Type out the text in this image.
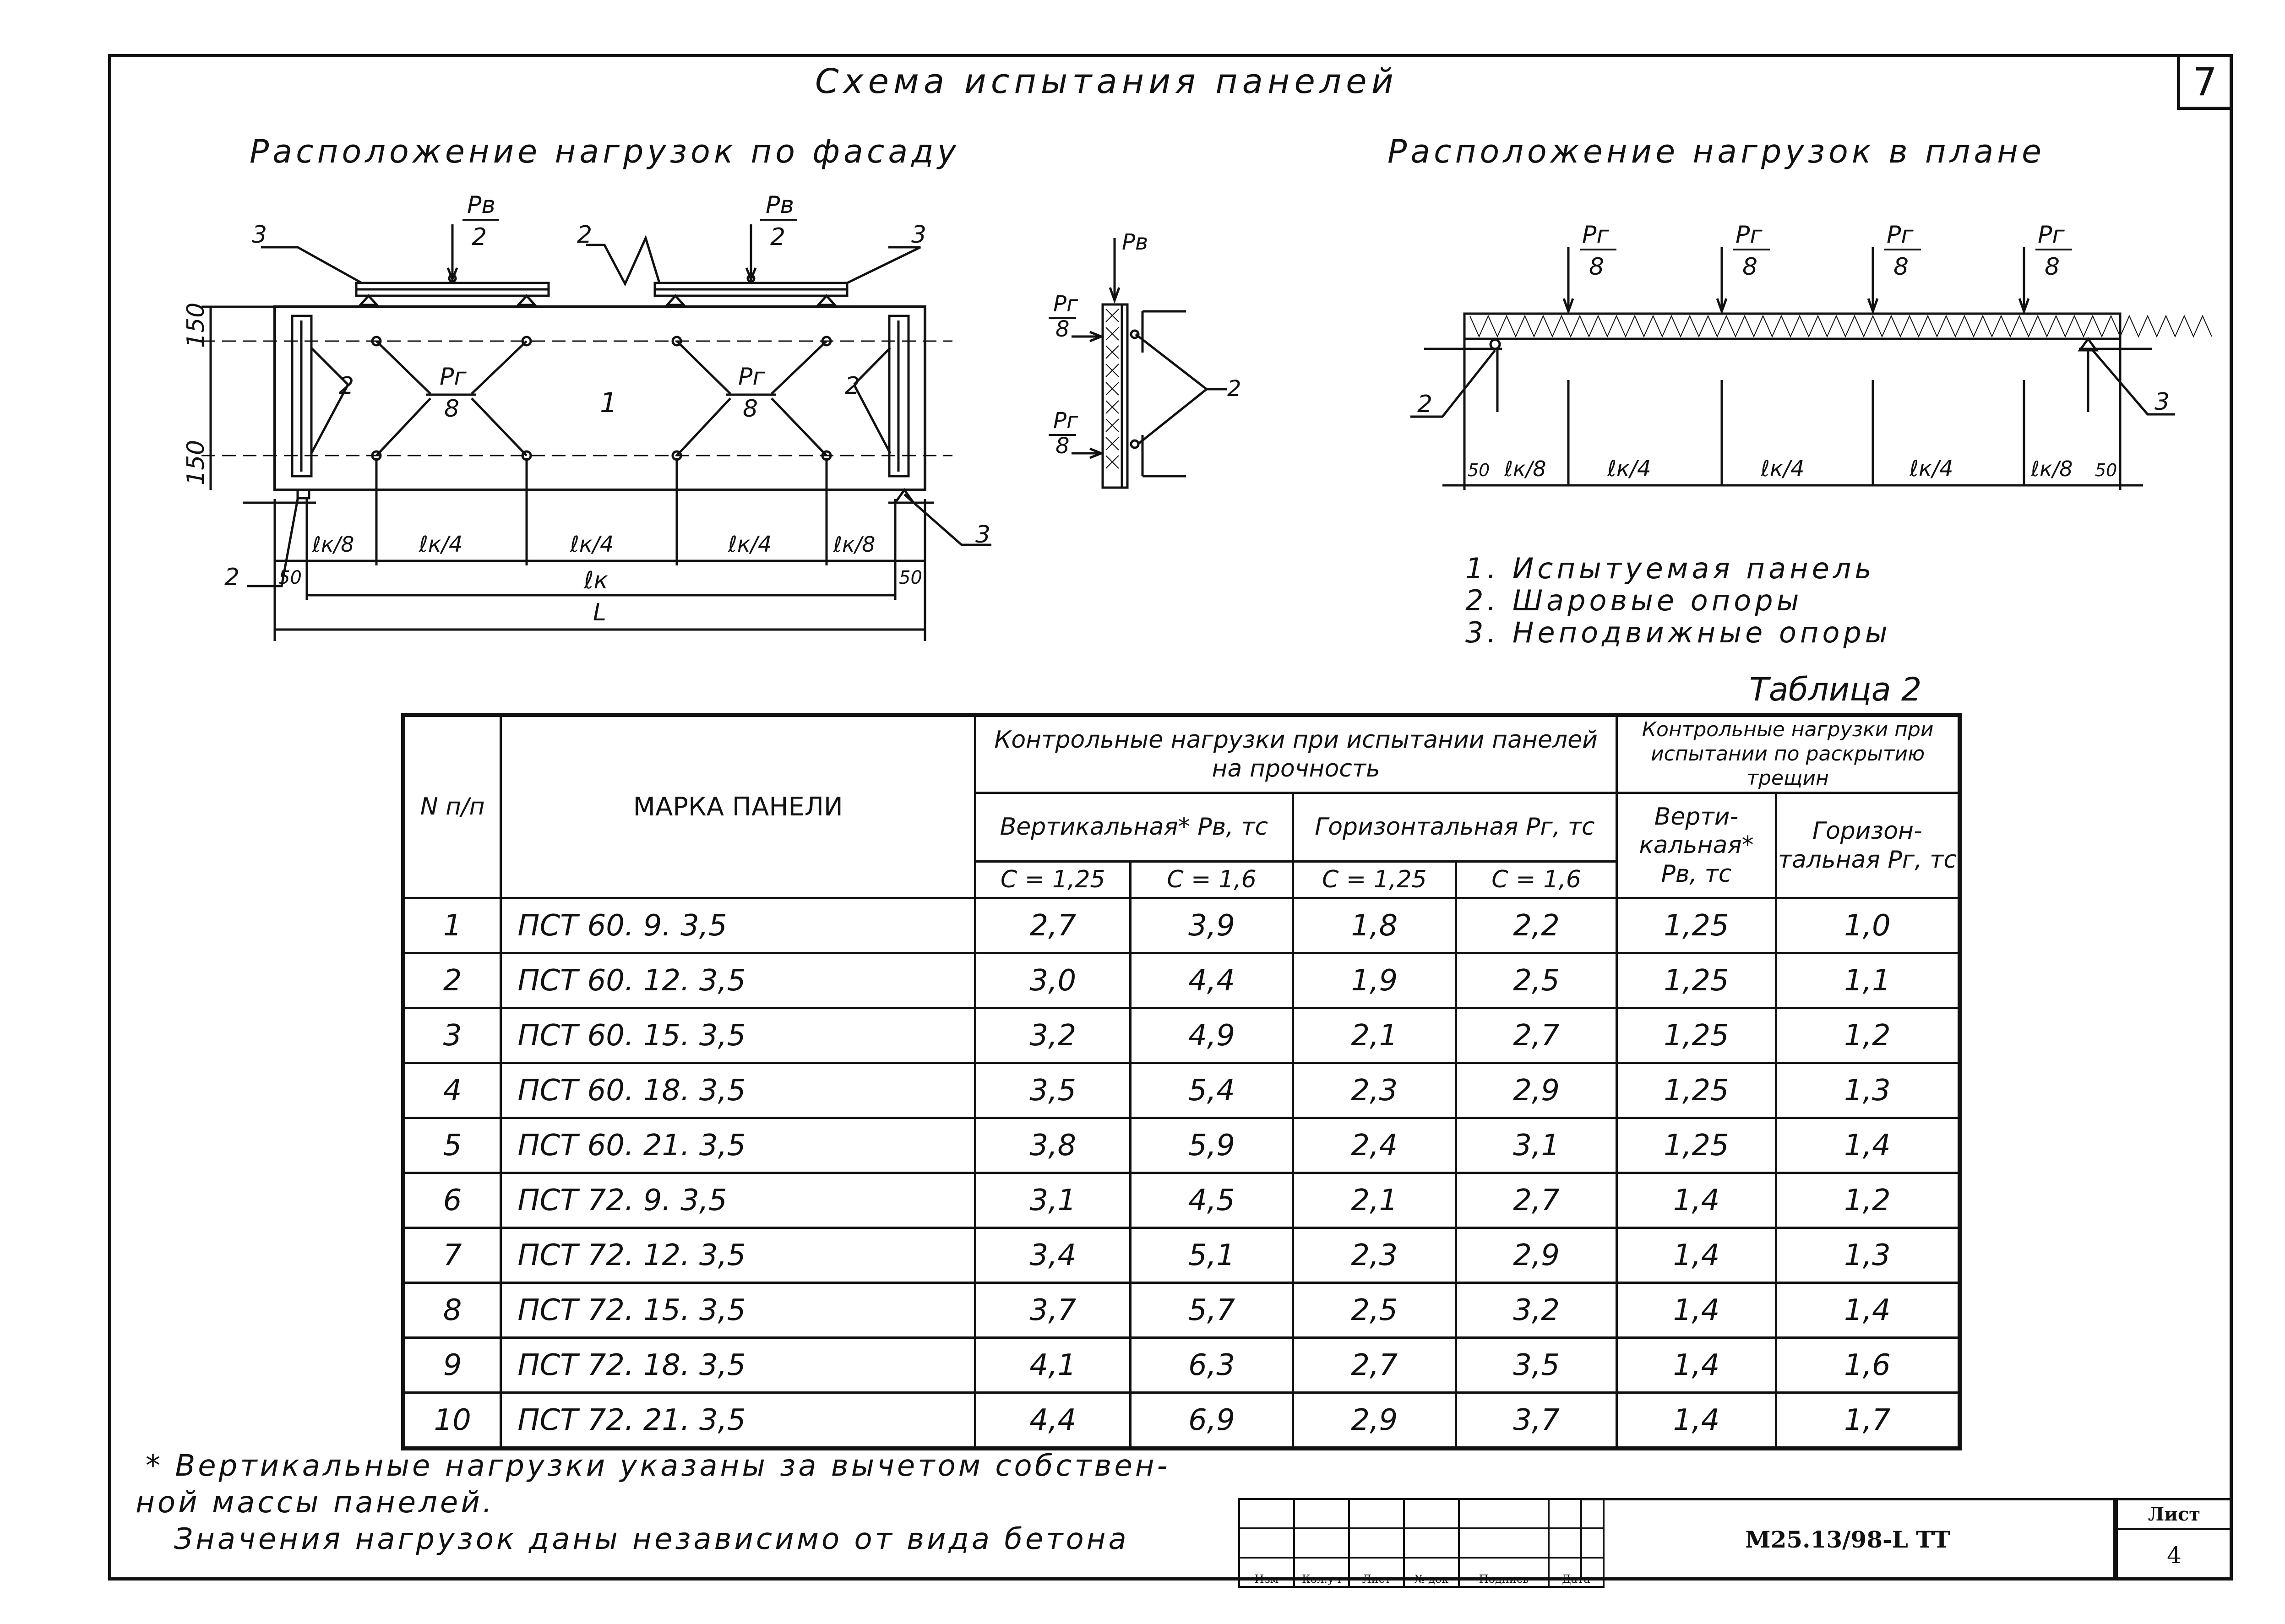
7
Схема испытания панелей
Расположение нагрузок по фасаду	Расположение нагрузок в плане
Pв
2
Pв
2
Pг
8
Pг
8
1
3	2	3
2	2
2
3
150
150
ℓк/8	ℓк/4	ℓк/4	ℓк/4	ℓк/8
50	50
ℓк
L
Pв
Pг
8
Pг
8
2
Pг
8
Pг
8
Pг
8
Pг
8
2	3
50 ℓк/8	ℓк/4	ℓк/4	ℓк/4	ℓк/8 50
1. Испытуемая панель
2. Шаровые опоры
3. Неподвижные опоры
Таблица 2
N п/п	МАРКА ПАНЕЛИ	Контрольные нагрузки при испытании панелей на прочность				Контрольные нагрузки при испытании по раскрытию трещин	
		Вертикальная* Pв, тс		Горизонтальная Pг, тс		Верти-кальная* Pв, тс	Горизон-тальная Pг, тс
		С = 1,25	С = 1,6	С = 1,25	С = 1,6		
1	ПСТ 60. 9. 3,5	2,7	3,9	1,8	2,2	1,25	1,0
2	ПСТ 60. 12. 3,5	3,0	4,4	1,9	2,5	1,25	1,1
3	ПСТ 60. 15. 3,5	3,2	4,9	2,1	2,7	1,25	1,2
4	ПСТ 60. 18. 3,5	3,5	5,4	2,3	2,9	1,25	1,3
5	ПСТ 60. 21. 3,5	3,8	5,9	2,4	3,1	1,25	1,4
6	ПСТ 72. 9. 3,5	3,1	4,5	2,1	2,7	1,4	1,2
7	ПСТ 72. 12. 3,5	3,4	5,1	2,3	2,9	1,4	1,3
8	ПСТ 72. 15. 3,5	3,7	5,7	2,5	3,2	1,4	1,4
9	ПСТ 72. 18. 3,5	4,1	6,3	2,7	3,5	1,4	1,6
10	ПСТ 72. 21. 3,5	4,4	6,9	2,9	3,7	1,4	1,7
* Вертикальные нагрузки указаны за вычетом собствен-
ной массы панелей.
Значения нагрузок даны независимо от вида бетона

Изм	Кол.уч	Лист	№ док	Подпись	Дата
М25.13/98-L ТТ
Лист
4
